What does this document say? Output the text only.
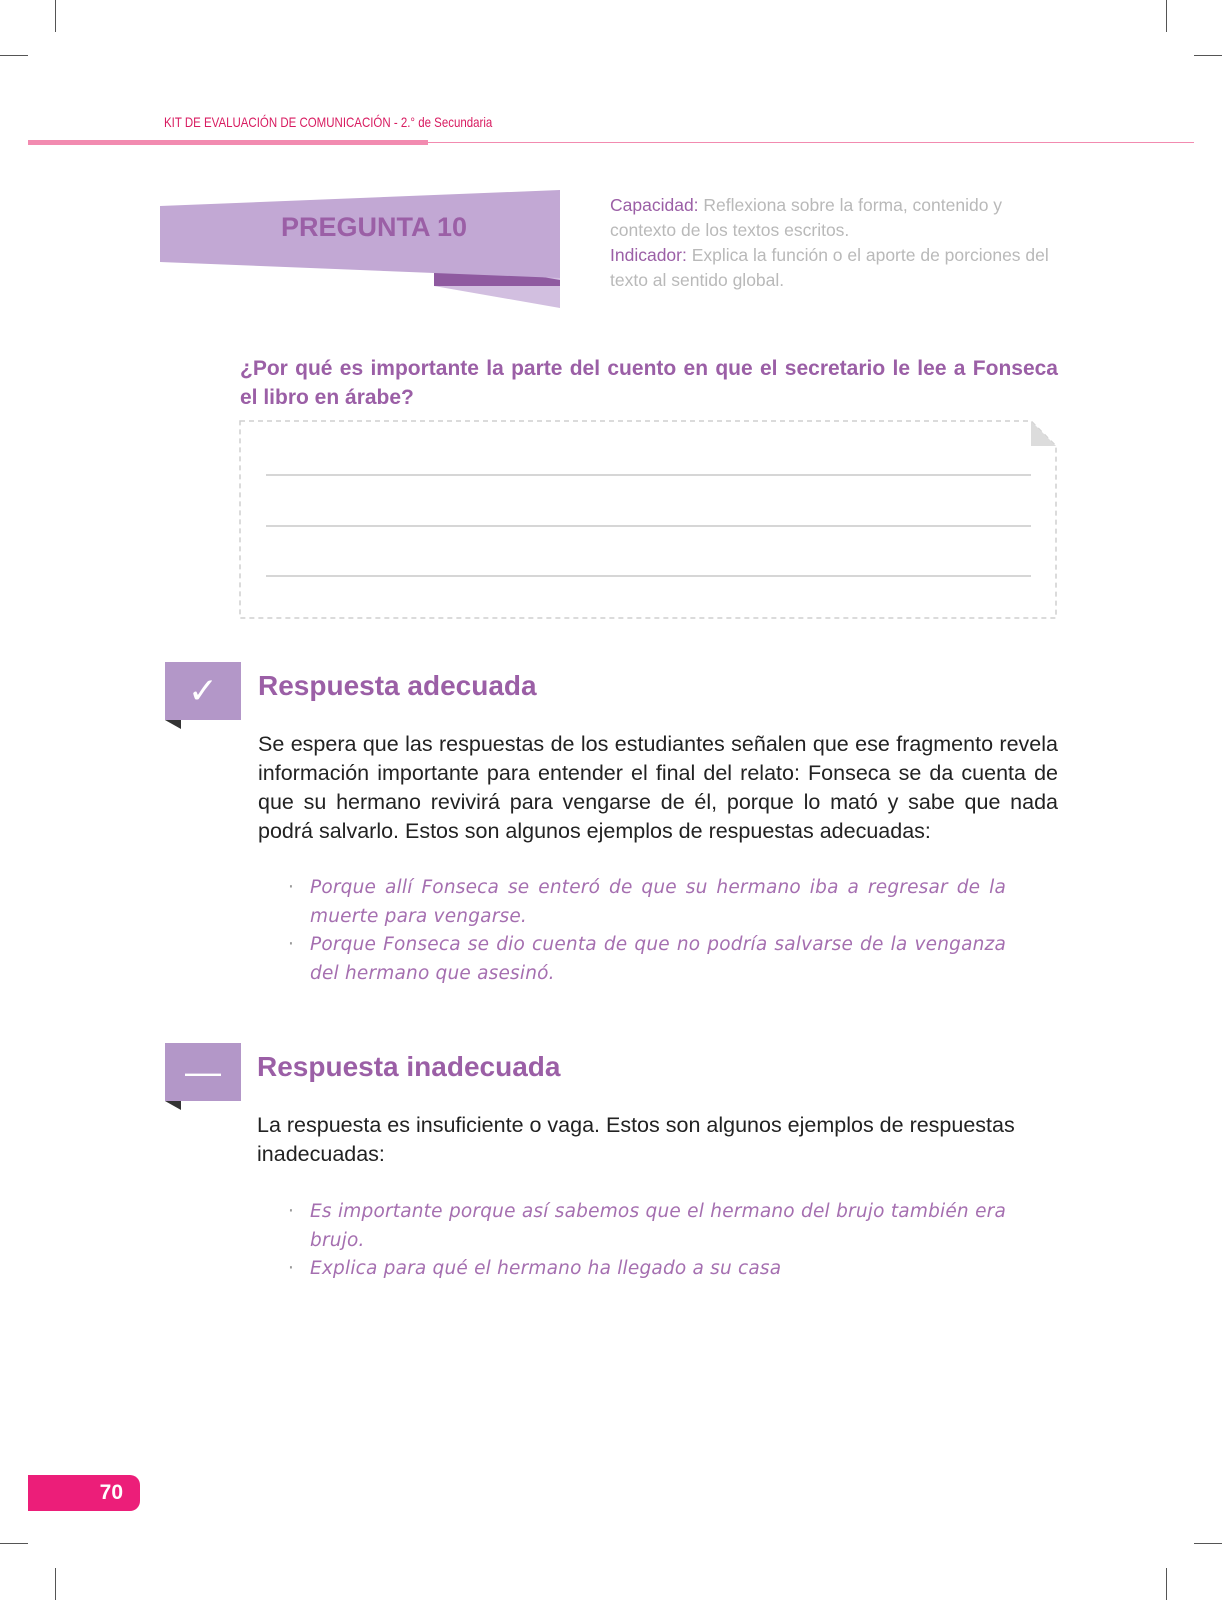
KIT DE EVALUACIÓN DE COMUNICACIÓN - 2.° de Secundaria
PREGUNTA 10
Capacidad: Reflexiona sobre la forma, contenido y contexto de los textos escritos.
Indicador: Explica la función o el aporte de porciones del texto al sentido global.
¿Por qué es importante la parte del cuento en que el secretario le lee a Fonseca el libro en árabe?
✓	Respuesta adecuada
Se espera que las respuestas de los estudiantes señalen que ese fragmento revela información importante para entender el final del relato: Fonseca se da cuenta de que su hermano revivirá para vengarse de él, porque lo mató y sabe que nada podrá salvarlo. Estos son algunos ejemplos de respuestas adecuadas:
· Porque allí Fonseca se enteró de que su hermano iba a regresar de la muerte para vengarse.
· Porque Fonseca se dio cuenta de que no podría salvarse de la venganza del hermano que asesinó.
—	Respuesta inadecuada
La respuesta es insuficiente o vaga. Estos son algunos ejemplos de respuestas inadecuadas:
· Es importante porque así sabemos que el hermano del brujo también era brujo.
· Explica para qué el hermano ha llegado a su casa
70
